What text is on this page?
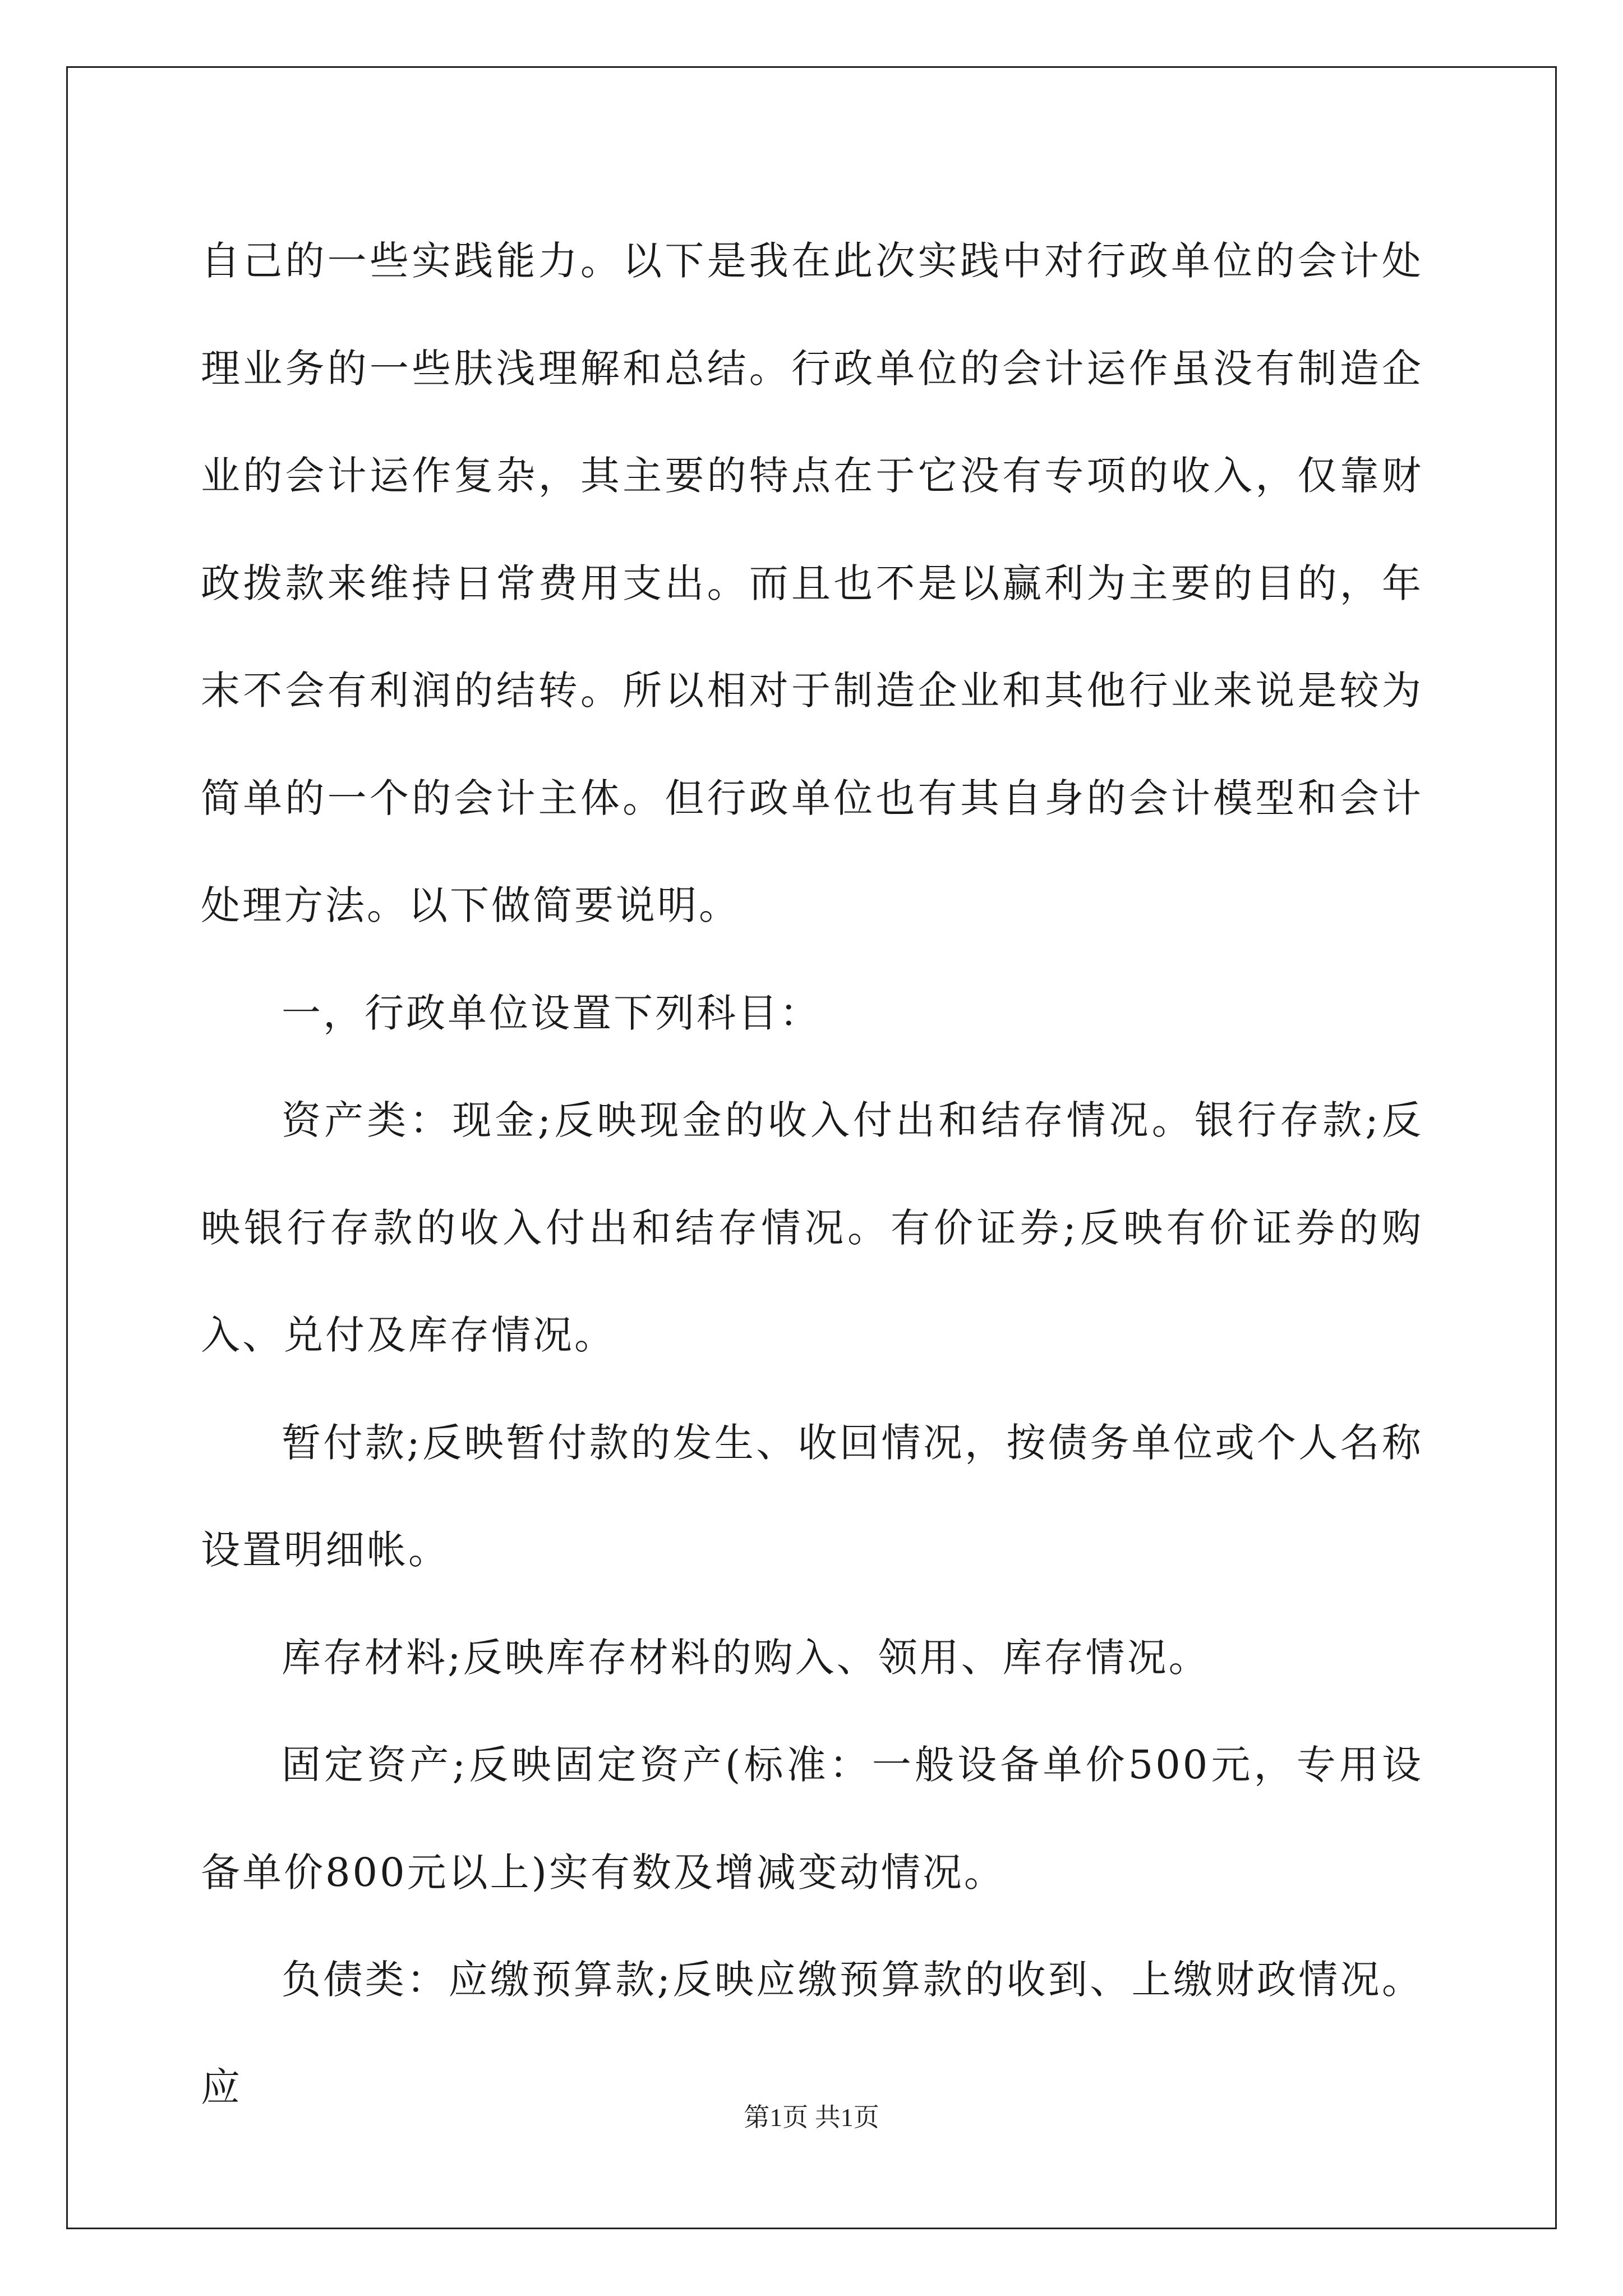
自己的一些实践能力。以下是我在此次实践中对行政单位的会计处理业务的一些肤浅理解和总结。行政单位的会计运作虽没有制造企业的会计运作复杂，其主要的特点在于它没有专项的收入，仅靠财政拨款来维持日常费用支出。而且也不是以赢利为主要的目的，年末不会有利润的结转。所以相对于制造企业和其他行业来说是较为简单的一个的会计主体。但行政单位也有其自身的会计模型和会计处理方法。以下做简要说明。

一，行政单位设置下列科目：

资产类：现金;反映现金的收入付出和结存情况。银行存款;反映银行存款的收入付出和结存情况。有价证券;反映有价证券的购入、兑付及库存情况。

暂付款;反映暂付款的发生、收回情况，按债务单位或个人名称设置明细帐。

库存材料;反映库存材料的购入、领用、库存情况。

固定资产;反映固定资产(标准：一般设备单价500元，专用设备单价800元以上)实有数及增减变动情况。

负债类：应缴预算款;反映应缴预算款的收到、上缴财政情况。应

第1页 共1页
